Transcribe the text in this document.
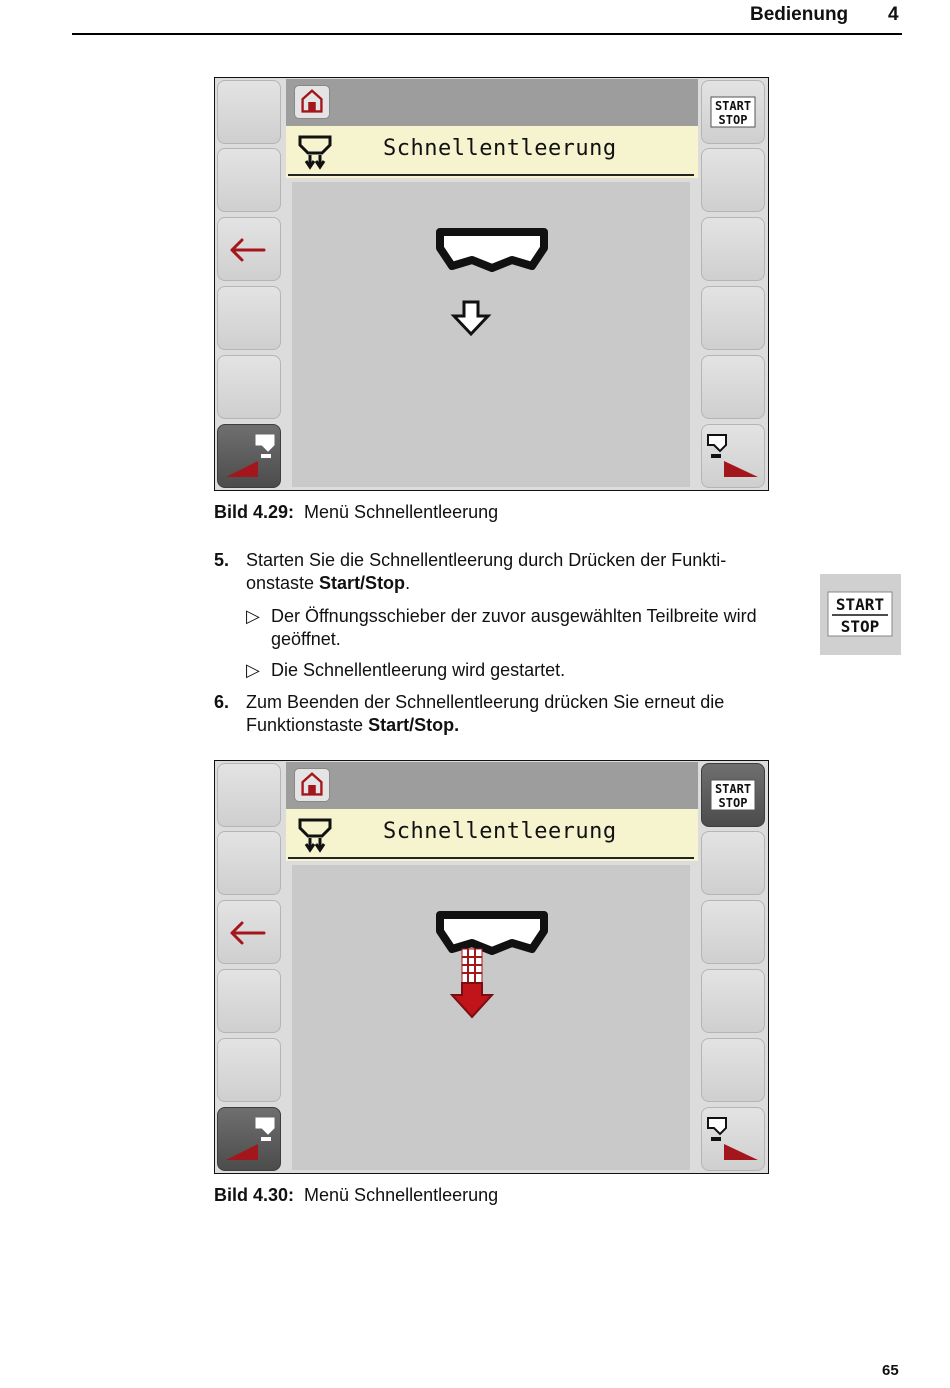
Bedienung 4
START
STOP
Schnellentleerung
Bild 4.29: Menü Schnellentleerung
5. Starten Sie die Schnellentleerung durch Drücken der Funkti-onstaste Start/Stop.
▷ Der Öffnungsschieber der zuvor ausgewählten Teilbreite wird geöffnet.
▷ Die Schnellentleerung wird gestartet.
6. Zum Beenden der Schnellentleerung drücken Sie erneut die Funktionstaste Start/Stop.
START
STOP
START
STOP
Schnellentleerung
Bild 4.30: Menü Schnellentleerung
65
